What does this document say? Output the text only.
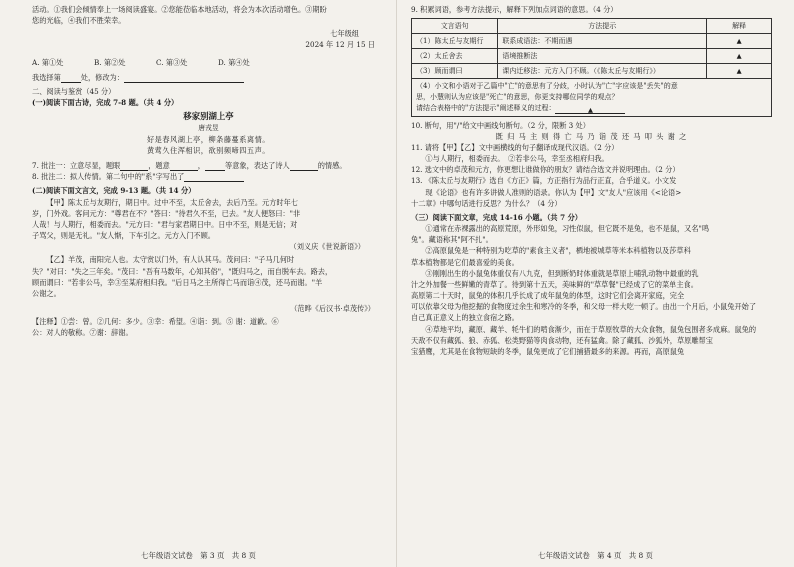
活动。①我们会倾情奉上一场阅读盛宴。②您能莅临本地活动，将会为本次活动增色。③期盼

您的光临，④我们不胜荣幸。

七年级组

2024 年 12 月 15 日

A. 第①处	B. 第②处	C. 第③处	D. 第④处

我选择第	处，修改为：

二、阅读与鉴赏（45 分）

(一)阅读下面古诗，完成 7-8 题。（共 4 分）

移家别湖上亭

唐戎昱

好是春风湖上亭，柳条藤蔓系离情。

黄莺久住浑相识，欲别频啼四五声。

7. 批注一：立意尽显，题眼	，题意	，	等意象，表达了诗人	的情感。

8. 批注二：拟人传情。第二句中的"系"字写出了

(二)阅读下面文言文，完成 9-13 题。（共 14 分）

【甲】陈太丘与友期行，期日中。过中不至，太丘舍去，去后乃至。元方时年七

岁，门外戏。客问元方："尊君在不？"答曰："待君久不至，已去。"友人便怒曰："非

人哉！与人期行，相委而去。"元方曰："君与家君期日中。日中不至，则是无信；对

子骂父，则是无礼。"友人惭，下车引之。元方入门不顾。

（刘义庆《世说新语》）

【乙】羊茂，南阳完人也。太守赏以门外，有人认其马。茂问曰："子马几何时

失？"对曰："失之三年矣。"茂曰："吾有马数年，心知其俗"，"既归马之，而自脱车去。路去，

顾而谓曰："若非公马，幸③至某府相归我。"后日马之主所得亡马而诣④茂，还马而谢。"羊

公谢之。

（范晔《后汉书·卓茂传》）

【注释】①尝：曾。②几何：多少。③幸：希望。④诣：到。⑤ 谢：道歉。⑥

公：对人的敬称。⑦谢：辞谢。

七年级语文试卷　第 3 页　共 8 页

9. 积累词语，参考方法提示，解释下列加点词语的意思。（4 分）

文言语句	方法提示	解释
（1）陈太丘与友期行	联系成语法：不期而遇	▲
（2）太丘舍去	语境推断法	▲
（3）顾而谓曰	课内迁移法：元方入门不顾。（《陈太丘与友期行》）	▲

（4）小文和小语对于乙篇中"亡"的意思有了分歧，小时认为"亡"字应该是"丢失"的意

思，小慧则认为应该是"死亡"的意思，你更支持哪位同学的观点？

请结合表格中的"方法提示"阐述释义的过程：	▲

10. 断句，用"/"给文中画线句断句。（2 分，限断 3 处）

既 归 马 主 则 得 亡 马 乃 诣 茂 还 马 叩 头 谢 之

11. 请将【甲】【乙】文中画横线的句子翻译成现代汉语。（2 分）

①与人期行，相委而去。　 ②若非公马，幸至丞相府归我。

12. 选文中的卓茂和元方，你更想让谁做你的朋友？请结合选文并说明理由。（2 分）

13. 《陈太丘与友期行》选自《方正》篇，方正指行为品行正直，合乎道义。小文发

现《论语》也有许多讲做人准则的语录。你认为【甲】文"友人"应该用《<论语>

十二章》中哪句话进行反思？为什么？（4 分）

（三）阅读下面文章，完成 14-16 小题。（共 7 分）

①通常在赤裸露出的高原荒原，外形如兔，习性似鼠，但它既不是兔，也不是鼠，又名"鸣

兔"。藏语称其"阿不扎"。

②高原鼠兔是一种特别为吃草的"素食主义者"，栖地被城草等米本科植物以及莎草科

草本植物都是它们最喜爱的美食。

③刚刚出生的小鼠兔体重仅有八九克，但到断奶时体重就是草原上哺乳动物中最重的乳

汁之外加餐一些鲜嫩的青草了。待到第十五天，美味鲜的"草草餐"已经成了它的菜单主食。

高原第二十天时，鼠兔的体积几乎长成了成年鼠兔的体型，这时它们会离开家庭，完全

可以依靠父母为他挖掘的食物度过余生和寒冷的冬季，和父母一样大吃一顿了。由出一个月后，小鼠兔开始了

自己真正意义上的独立食宿之路。

④草地平均，藏原、藏羊、牦牛们的啃食渐少，而在于草原牧草的大众食物，鼠兔包围者多成麻。鼠兔的

天敌不仅有藏狐、狼、赤狐、松类野猫等肉食动物，还有猛禽。除了藏狐、沙狐外，草原雕帮宝

宝猎鹰，尤其是在食物短缺的冬季，鼠兔更成了它们捕猎最多的来源。再而，高原鼠兔

七年级语文试卷　第 4 页　共 8 页
